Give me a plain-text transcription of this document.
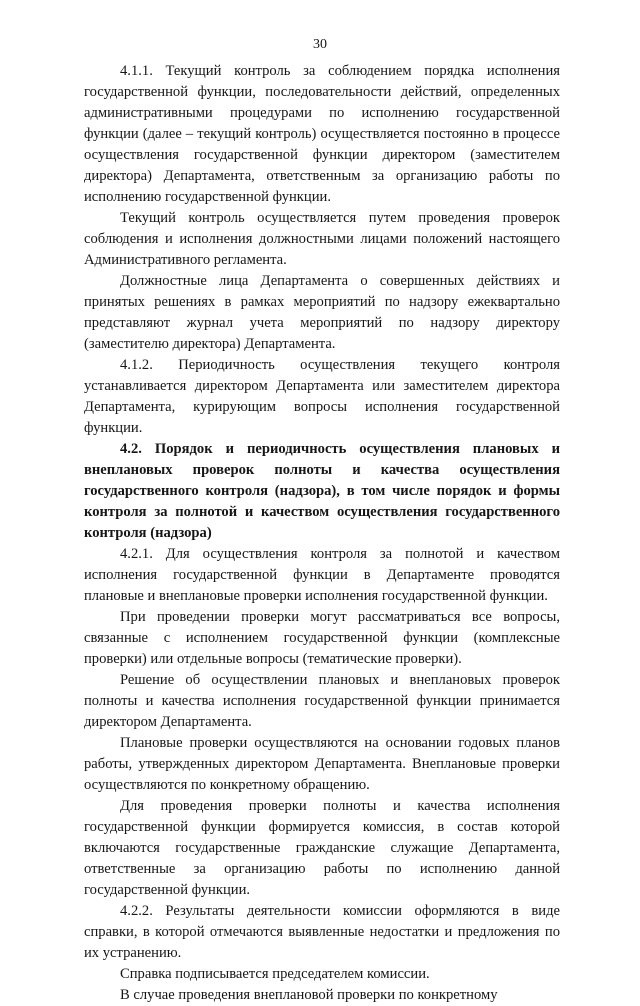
30

4.1.1. Текущий контроль за соблюдением порядка исполнения государственной функции, последовательности действий, определенных административными процедурами по исполнению государственной функции (далее – текущий контроль) осуществляется постоянно в процессе осуществления государственной функции директором (заместителем директора) Департамента, ответственным за организацию работы по исполнению государственной функции.

Текущий контроль осуществляется путем проведения проверок соблюдения и исполнения должностными лицами положений настоящего Административного регламента.

Должностные лица Департамента о совершенных действиях и принятых решениях в рамках мероприятий по надзору ежеквартально представляют журнал учета мероприятий по надзору директору (заместителю директора) Департамента.

4.1.2. Периодичность осуществления текущего контроля устанавливается директором Департамента или заместителем директора Департамента, курирующим вопросы исполнения государственной функции.

4.2. Порядок и периодичность осуществления плановых и внеплановых проверок полноты и качества осуществления государственного контроля (надзора), в том числе порядок и формы контроля за полнотой и качеством осуществления государственного контроля (надзора)

4.2.1. Для осуществления контроля за полнотой и качеством исполнения государственной функции в Департаменте проводятся плановые и внеплановые проверки исполнения государственной функции.

При проведении проверки могут рассматриваться все вопросы, связанные с исполнением государственной функции (комплексные проверки) или отдельные вопросы (тематические проверки).

Решение об осуществлении плановых и внеплановых проверок полноты и качества исполнения государственной функции принимается директором Департамента.

Плановые проверки осуществляются на основании годовых планов работы, утвержденных директором Департамента. Внеплановые проверки осуществляются по конкретному обращению.

Для проведения проверки полноты и качества исполнения государственной функции формируется комиссия, в состав которой включаются государственные гражданские служащие Департамента, ответственные за организацию работы по исполнению данной государственной функции.

4.2.2. Результаты деятельности комиссии оформляются в виде справки, в которой отмечаются выявленные недостатки и предложения по их устранению.

Справка подписывается председателем комиссии.

В случае проведения внеплановой проверки по конкретному
